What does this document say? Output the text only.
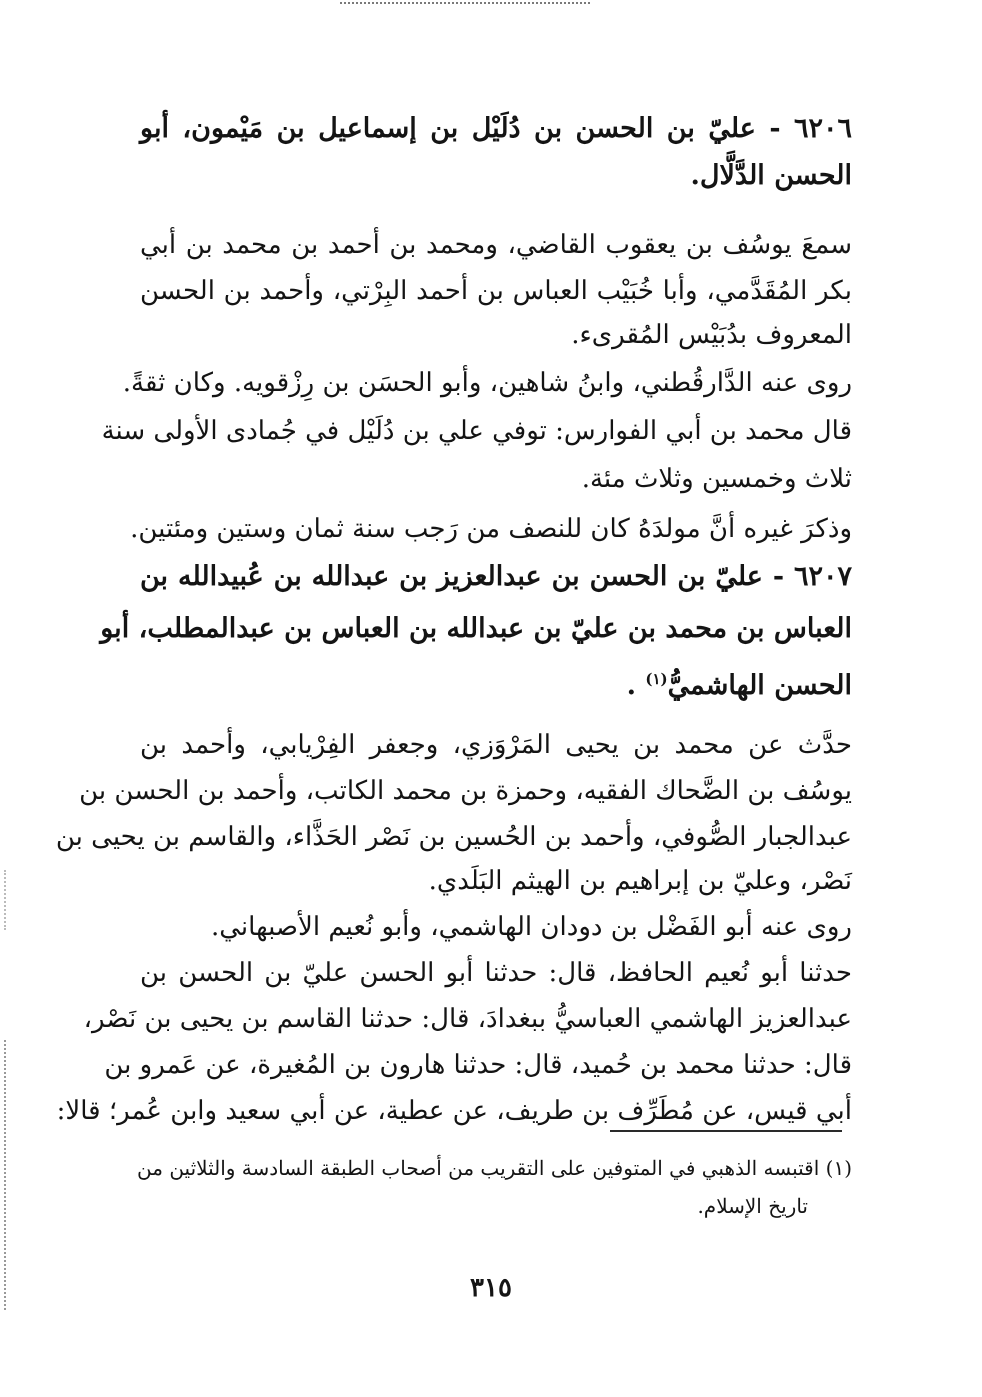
٦٢٠٦ - عليّ بن الحسن بن دُلَيْل بن إسماعيل بن مَيْمون، أبو
الحسن الدَّلَّال.
سمعَ يوسُف بن يعقوب القاضي، ومحمد بن أحمد بن محمد بن أبي
بكر المُقَدَّمي، وأبا خُبَيْب العباس بن أحمد البِرْتي، وأحمد بن الحسن
المعروف بدُبَيْس المُقرىء.
روى عنه الدَّارقُطني، وابنُ شاهين، وأبو الحسَن بن رِزْقويه. وكان ثقةً.
قال محمد بن أبي الفوارس: توفي علي بن دُلَيْل في جُمادى الأولى سنة
ثلاث وخمسين وثلاث مئة.
وذكرَ غيره أنَّ مولدَهُ كان للنصف من رَجب سنة ثمان وستين ومئتين.
٦٢٠٧ - عليّ بن الحسن بن عبدالعزيز بن عبدالله بن عُبيدالله بن
العباس بن محمد بن عليّ بن عبدالله بن العباس بن عبدالمطلب، أبو
الحسن الهاشميُّ$^{(١)}$ .
حدَّث عن محمد بن يحيى المَرْوَزي، وجعفر الفِرْيابي، وأحمد بن
يوسُف بن الضَّحاك الفقيه، وحمزة بن محمد الكاتب، وأحمد بن الحسن بن
عبدالجبار الصُّوفي، وأحمد بن الحُسين بن نَصْر الحَذَّاء، والقاسم بن يحيى بن
نَصْر، وعليّ بن إبراهيم بن الهيثم البَلَدي.
روى عنه أبو الفَضْل بن دودان الهاشمي، وأبو نُعيم الأصبهاني.
حدثنا أبو نُعيم الحافظ، قال: حدثنا أبو الحسن عليّ بن الحسن بن
عبدالعزيز الهاشمي العباسيُّ ببغدادَ، قال: حدثنا القاسم بن يحيى بن نَصْر،
قال: حدثنا محمد بن حُميد، قال: حدثنا هارون بن المُغيرة، عن عَمرو بن
أبي قيس، عن مُطَرِّف بن طريف، عن عطية، عن أبي سعيد وابن عُمر؛ قالا:
(١) اقتبسه الذهبي في المتوفين على التقريب من أصحاب الطبقة السادسة والثلاثين من
تاريخ الإسلام.
٣١٥
